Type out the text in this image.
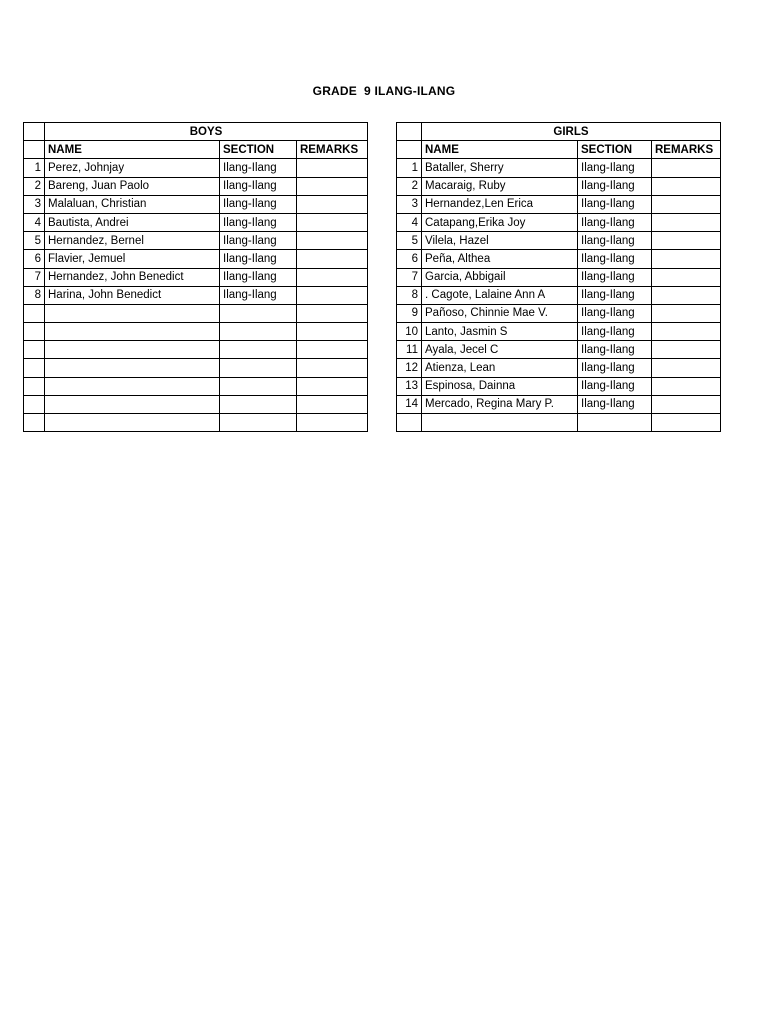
GRADE  9 ILANG-ILANG
	BOYS		
	NAME	SECTION	REMARKS
1	Perez, Johnjay	Ilang-Ilang	
2	Bareng, Juan Paolo	Ilang-Ilang	
3	Malaluan, Christian	Ilang-Ilang	
4	Bautista, Andrei	Ilang-Ilang	
5	Hernandez, Bernel	Ilang-Ilang	
6	Flavier, Jemuel	Ilang-Ilang	
7	Hernandez, John Benedict	Ilang-Ilang	
8	Harina, John Benedict	Ilang-Ilang	

	GIRLS		
	NAME	SECTION	REMARKS
1	Bataller, Sherry	Ilang-Ilang	
2	Macaraig, Ruby	Ilang-Ilang	
3	Hernandez,Len Erica	Ilang-Ilang	
4	Catapang,Erika Joy	Ilang-Ilang	
5	Vilela, Hazel	Ilang-Ilang	
6	Peña, Althea	Ilang-Ilang	
7	Garcia, Abbigail	Ilang-Ilang	
8	. Cagote, Lalaine Ann A	Ilang-Ilang	
9	Pañoso, Chinnie Mae V.	Ilang-Ilang	
10	Lanto, Jasmin S	Ilang-Ilang	
11	Ayala, Jecel C	Ilang-Ilang	
12	Atienza, Lean	Ilang-Ilang	
13	Espinosa, Dainna	Ilang-Ilang	
14	Mercado, Regina Mary P.	Ilang-Ilang	
